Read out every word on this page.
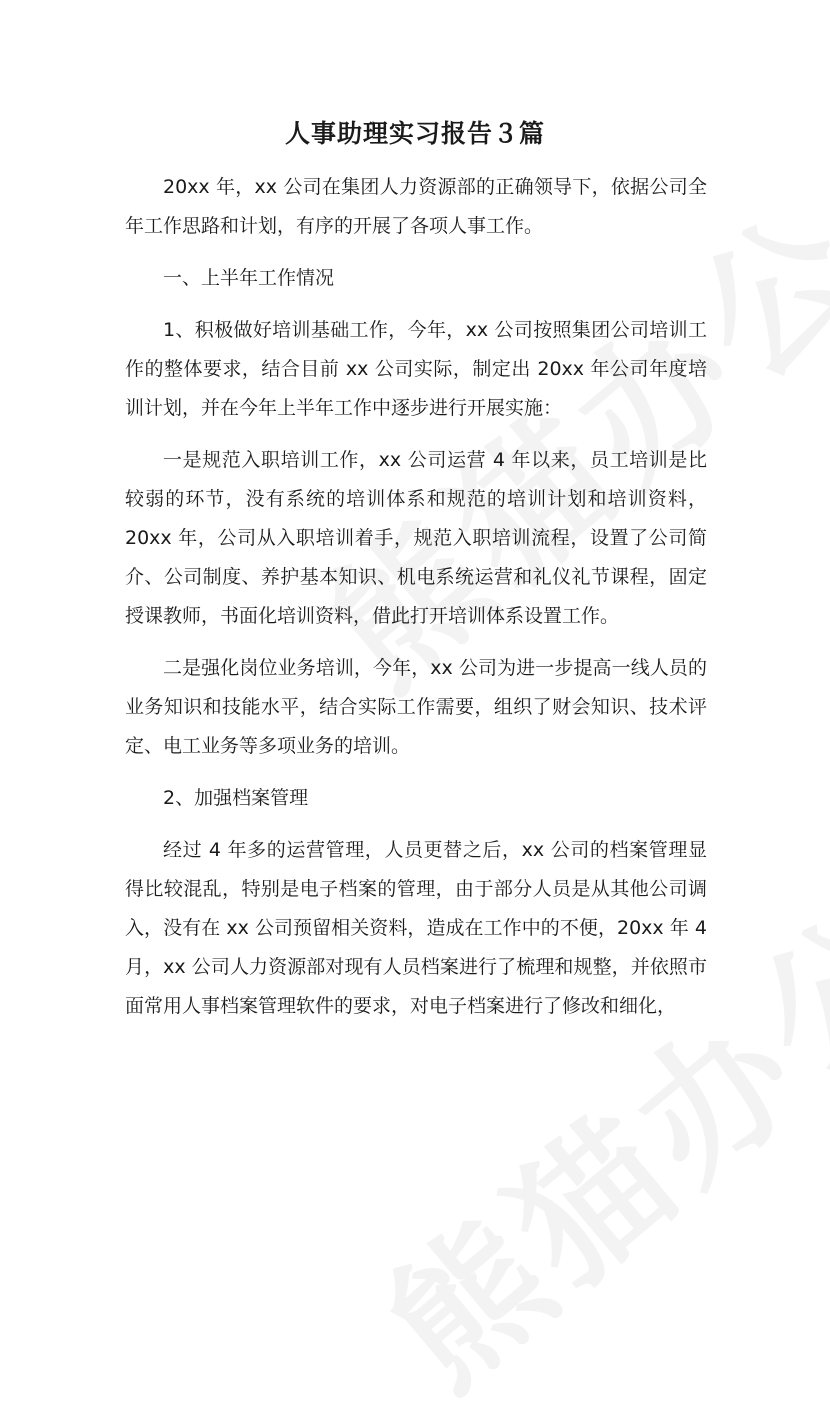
人事助理实习报告３篇

20xx 年，xx 公司在集团人力资源部的正确领导下，依据公司全年工作思路和计划，有序的开展了各项人事工作。

一、上半年工作情况

1、积极做好培训基础工作，今年，xx 公司按照集团公司培训工作的整体要求，结合目前 xx 公司实际，制定出 20xx 年公司年度培训计划，并在今年上半年工作中逐步进行开展实施：

一是规范入职培训工作，xx 公司运营 4 年以来，员工培训是比较弱的环节，没有系统的培训体系和规范的培训计划和培训资料，20xx 年，公司从入职培训着手，规范入职培训流程，设置了公司简介、公司制度、养护基本知识、机电系统运营和礼仪礼节课程，固定授课教师，书面化培训资料，借此打开培训体系设置工作。

二是强化岗位业务培训，今年，xx 公司为进一步提高一线人员的业务知识和技能水平，结合实际工作需要，组织了财会知识、技术评定、电工业务等多项业务的培训。

2、加强档案管理

经过 4 年多的运营管理，人员更替之后，xx 公司的档案管理显得比较混乱，特别是电子档案的管理，由于部分人员是从其他公司调入，没有在 xx 公司预留相关资料，造成在工作中的不便，20xx 年 4 月，xx 公司人力资源部对现有人员档案进行了梳理和规整，并依照市面常用人事档案管理软件的要求，对电子档案进行了修改和细化，
